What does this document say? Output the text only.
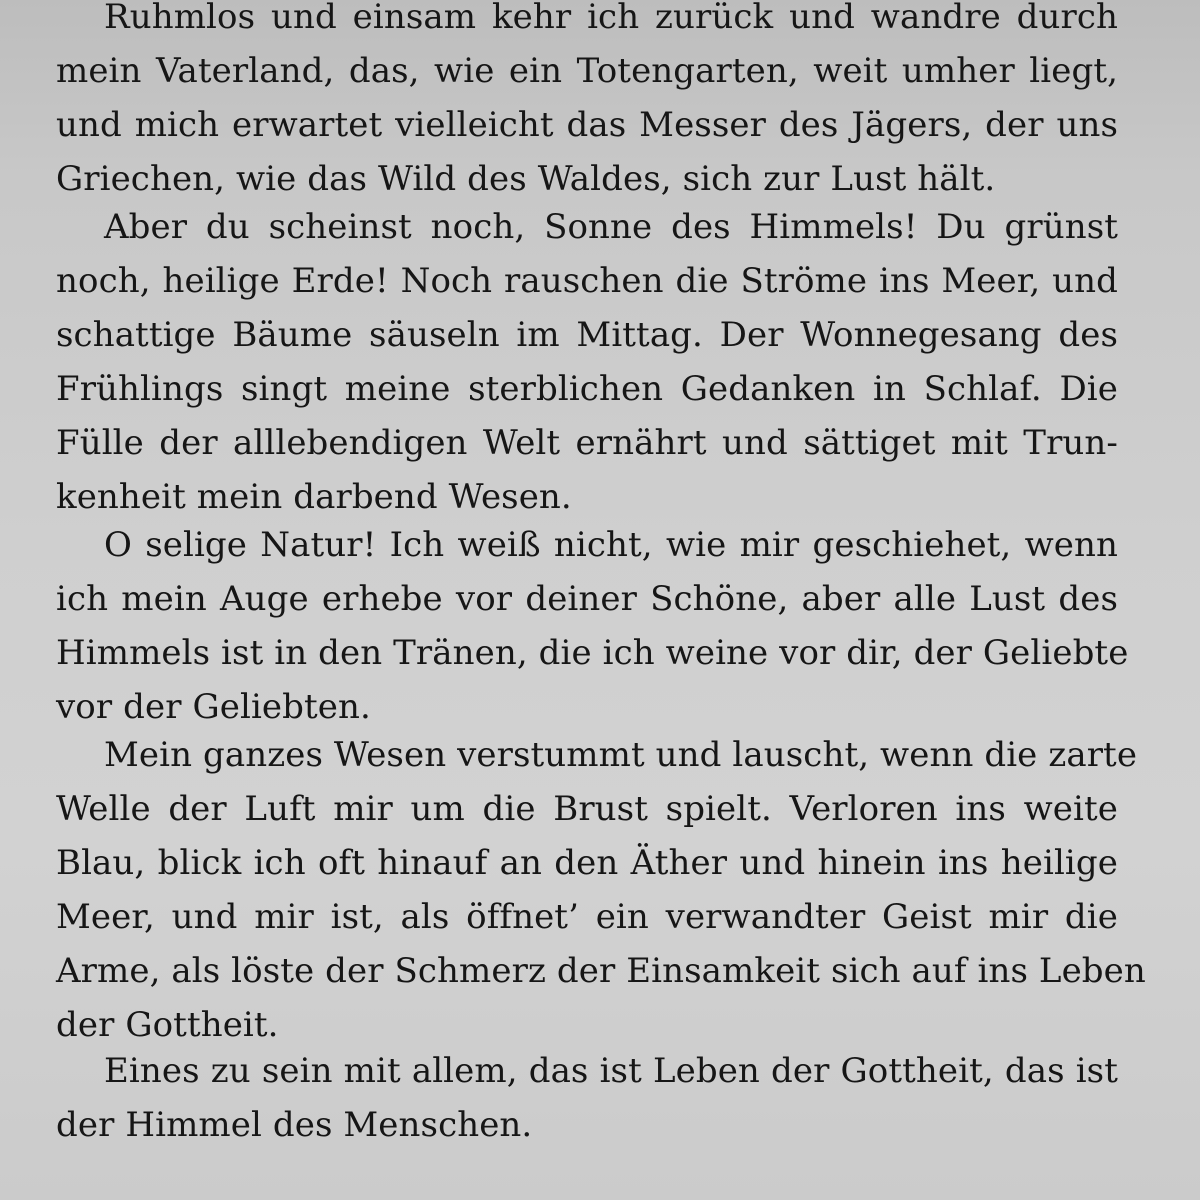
Ruhmlos und einsam kehr ich zurück und wandre durch
mein Vaterland, das, wie ein Totengarten, weit umher liegt,
und mich erwartet vielleicht das Messer des Jägers, der uns
Griechen, wie das Wild des Waldes, sich zur Lust hält.
Aber du scheinst noch, Sonne des Himmels! Du grünst
noch, heilige Erde! Noch rauschen die Ströme ins Meer, und
schattige Bäume säuseln im Mittag. Der Wonnegesang des
Frühlings singt meine sterblichen Gedanken in Schlaf. Die
Fülle der alllebendigen Welt ernährt und sättiget mit Trun-
kenheit mein darbend Wesen.
O selige Natur! Ich weiß nicht, wie mir geschiehet, wenn
ich mein Auge erhebe vor deiner Schöne, aber alle Lust des
Himmels ist in den Tränen, die ich weine vor dir, der Geliebte
vor der Geliebten.
Mein ganzes Wesen verstummt und lauscht, wenn die zarte
Welle der Luft mir um die Brust spielt. Verloren ins weite
Blau, blick ich oft hinauf an den Äther und hinein ins heilige
Meer, und mir ist, als öffnet’ ein verwandter Geist mir die
Arme, als löste der Schmerz der Einsamkeit sich auf ins Leben
der Gottheit.
Eines zu sein mit allem, das ist Leben der Gottheit, das ist
der Himmel des Menschen.
